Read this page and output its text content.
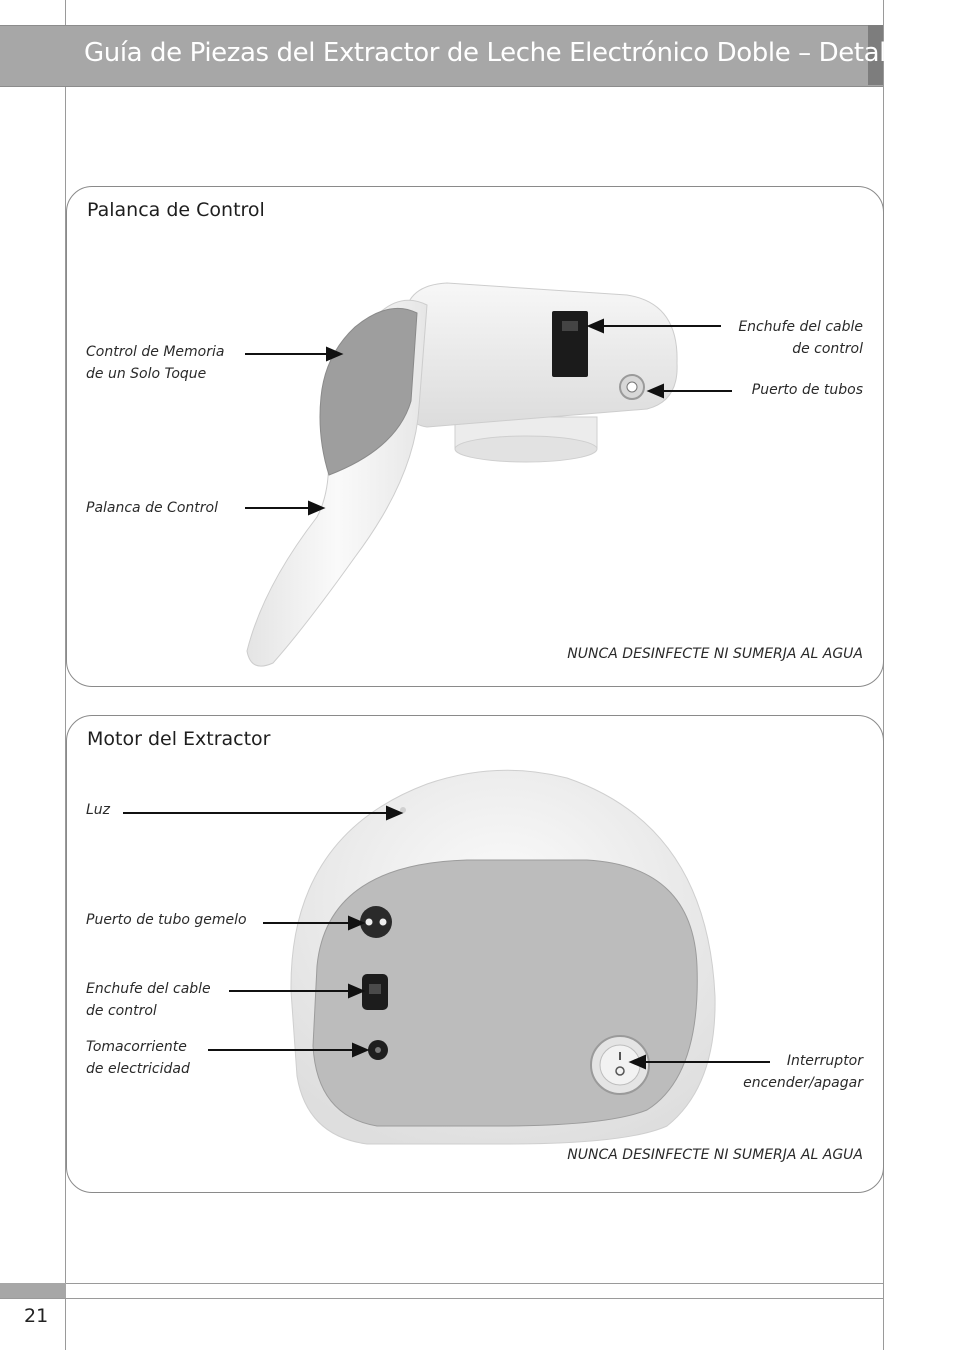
Guía de Piezas del Extractor de Leche Electrónico Doble – Detallada
Palanca de Control
Control de Memoria
de un Solo Toque
Palanca de Control
Enchufe del cable
de control
Puerto de tubos
NUNCA DESINFECTE NI SUMERJA AL AGUA
Motor del Extractor
Luz
Puerto de tubo gemelo
Enchufe del cable
de control
Tomacorriente
de electricidad	Interruptor
encender/apagar
NUNCA DESINFECTE NI SUMERJA AL AGUA
21
